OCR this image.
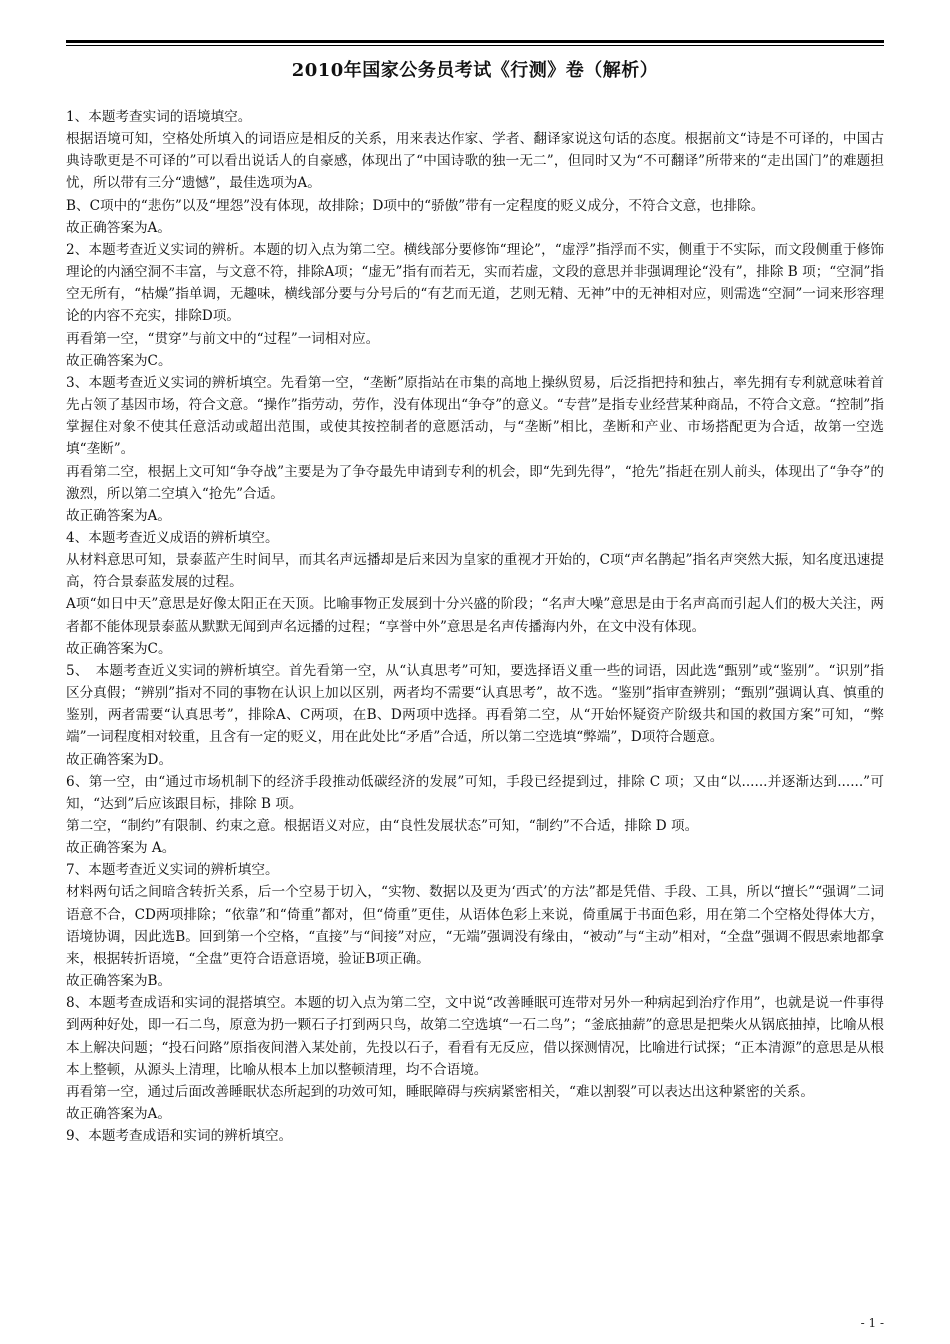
2010年国家公务员考试《行测》卷（解析）

1、本题考查实词的语境填空。

根据语境可知，空格处所填入的词语应是相反的关系，用来表达作家、学者、翻译家说这句话的态度。根据前文“诗是不可译的，中国古典诗歌更是不可译的”可以看出说话人的自豪感，体现出了“中国诗歌的独一无二”，但同时又为“不可翻译”所带来的“走出国门”的难题担忧，所以带有三分“遗憾”，最佳选项为A。

B、C项中的“悲伤”以及“埋怨”没有体现，故排除；D项中的“骄傲”带有一定程度的贬义成分，不符合文意，也排除。

故正确答案为A。

2、本题考查近义实词的辨析。本题的切入点为第二空。横线部分要修饰“理论”，“虚浮”指浮而不实，侧重于不实际，而文段侧重于修饰理论的内涵空洞不丰富，与文意不符，排除A项；“虚无”指有而若无，实而若虚，文段的意思并非强调理论“没有”，排除 B 项；“空洞”指空无所有，“枯燥”指单调，无趣味，横线部分要与分号后的“有艺而无道，艺则无精、无神”中的无神相对应，则需选“空洞”一词来形容理论的内容不充实，排除D项。

再看第一空，“贯穿”与前文中的“过程”一词相对应。

故正确答案为C。

3、本题考查近义实词的辨析填空。先看第一空，“垄断”原指站在市集的高地上操纵贸易，后泛指把持和独占，率先拥有专利就意味着首先占领了基因市场，符合文意。“操作”指劳动，劳作，没有体现出“争夺”的意义。“专营”是指专业经营某种商品，不符合文意。“控制”指掌握住对象不使其任意活动或超出范围，或使其按控制者的意愿活动，与“垄断”相比，垄断和产业、市场搭配更为合适，故第一空选填“垄断”。

再看第二空，根据上文可知“争夺战”主要是为了争夺最先申请到专利的机会，即“先到先得”，“抢先”指赶在别人前头，体现出了“争夺”的激烈，所以第二空填入“抢先”合适。

故正确答案为A。

4、本题考查近义成语的辨析填空。

从材料意思可知，景泰蓝产生时间早，而其名声远播却是后来因为皇家的重视才开始的，C项“声名鹊起”指名声突然大振，知名度迅速提高，符合景泰蓝发展的过程。

A项“如日中天”意思是好像太阳正在天顶。比喻事物正发展到十分兴盛的阶段；“名声大噪”意思是由于名声高而引起人们的极大关注，两者都不能体现景泰蓝从默默无闻到声名远播的过程；“享誉中外”意思是名声传播海内外，在文中没有体现。

故正确答案为C。

5、　本题考查近义实词的辨析填空。首先看第一空，从“认真思考”可知，要选择语义重一些的词语，因此选“甄别”或“鉴别”。“识别”指区分真假；“辨别”指对不同的事物在认识上加以区别，两者均不需要“认真思考”，故不选。“鉴别”指审查辨别；“甄别”强调认真、慎重的鉴别，两者需要“认真思考”，排除A、C两项，在B、D两项中选择。再看第二空，从“开始怀疑资产阶级共和国的救国方案”可知，“弊端”一词程度相对较重，且含有一定的贬义，用在此处比“矛盾”合适，所以第二空选填“弊端”，D项符合题意。

故正确答案为D。

6、第一空，由“通过市场机制下的经济手段推动低碳经济的发展”可知，手段已经提到过，排除 C 项；又由“以......并逐渐达到......”可知，“达到”后应该跟目标，排除 B 项。

第二空，“制约”有限制、约束之意。根据语义对应，由“良性发展状态”可知，“制约”不合适，排除 D 项。

故正确答案为 A。

7、本题考查近义实词的辨析填空。

材料两句话之间暗含转折关系，后一个空易于切入，“实物、数据以及更为‘西式’的方法”都是凭借、手段、工具，所以“擅长”“强调”二词语意不合，CD两项排除；“依靠”和“倚重”都对，但“倚重”更佳，从语体色彩上来说，倚重属于书面色彩，用在第二个空格处得体大方，语境协调，因此选B。回到第一个空格，“直接”与“间接”对应，“无端”强调没有缘由，“被动”与“主动”相对，“全盘”强调不假思索地都拿来，根据转折语境，“全盘”更符合语意语境，验证B项正确。

故正确答案为B。

8、本题考查成语和实词的混搭填空。本题的切入点为第二空，文中说“改善睡眠可连带对另外一种病起到治疗作用”，也就是说一件事得到两种好处，即一石二鸟，原意为扔一颗石子打到两只鸟，故第二空选填“一石二鸟”；“釜底抽薪”的意思是把柴火从锅底抽掉，比喻从根本上解决问题；“投石问路”原指夜间潜入某处前，先投以石子，看看有无反应，借以探测情况，比喻进行试探；“正本清源”的意思是从根本上整顿，从源头上清理，比喻从根本上加以整顿清理，均不合语境。

再看第一空，通过后面改善睡眠状态所起到的功效可知，睡眠障碍与疾病紧密相关，“难以割裂”可以表达出这种紧密的关系。

故正确答案为A。

9、本题考查成语和实词的辨析填空。

- 1 -
